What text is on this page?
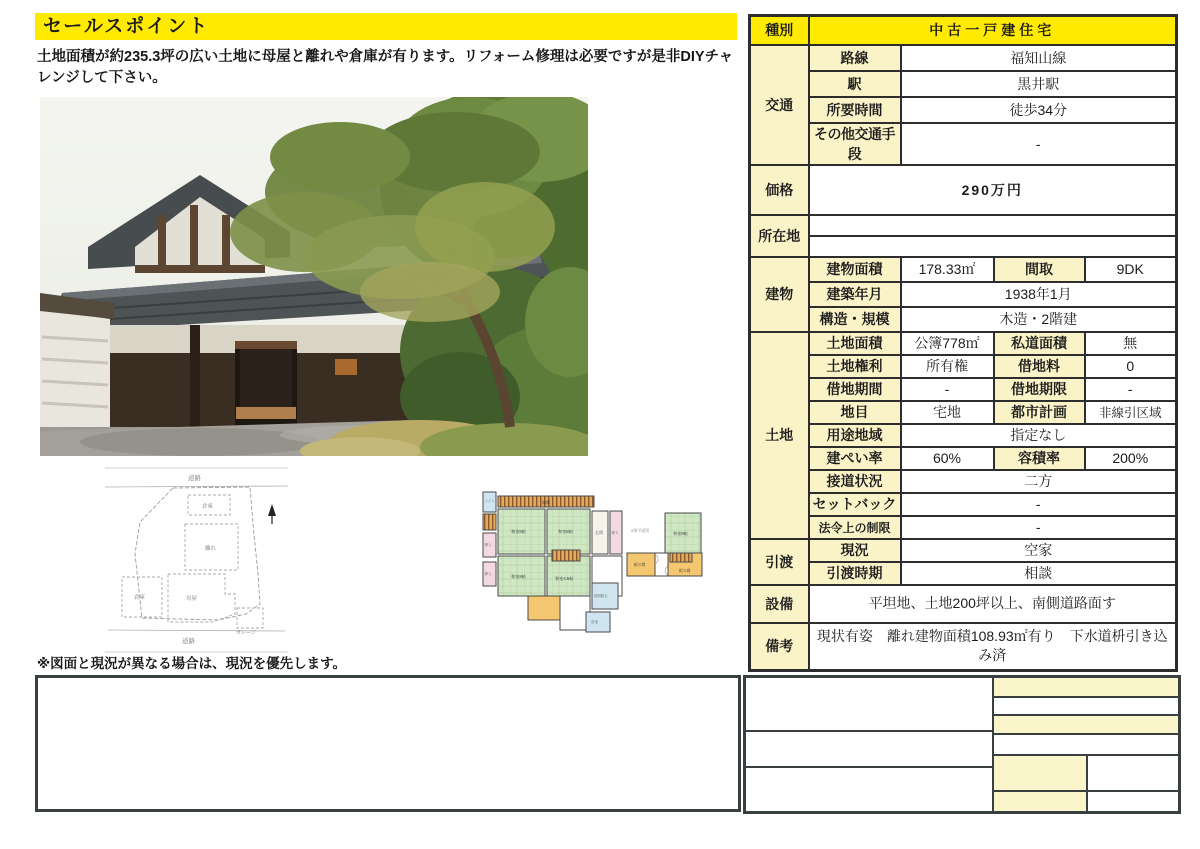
セールスポイント
土地面積が約235.3坪の広い土地に母屋と離れや倉庫が有ります。リフォーム修理は必要ですが是非DIYチャレンジして下さい。
道路
道路
倉庫
離れ
倉庫	母屋
ガレージ
トイレ	縁側
押入
押入
和室8帖	和室8帖	玄関 押入
和室8帖	和室4.5帖
洗面脱衣
浴室
2階平面図
和室8帖
板の間
板の間
※図面と現況が異なる場合は、現況を優先します。
種別	中古一戸建住宅			
交通	路線	福知山線		
	駅	黒井駅		
	所要時間	徒歩34分		
	その他交通手段	-		
価格	290万円			
所在地				

建物	建物面積	178.33㎡	間取	9DK
	建築年月	1938年1月		
	構造・規模	木造・2階建		
土地	土地面積	公簿778㎡	私道面積	無
	土地権利	所有権	借地料	0
	借地期間	-	借地期限	-
	地目	宅地	都市計画	非線引区域
	用途地域	指定なし		
	建ぺい率	60%	容積率	200%
	接道状況	二方		
	セットバック	-		
	法令上の制限	-		
引渡	現況	空家		
	引渡時期	相談		
設備	平坦地、土地200坪以上、南側道路面す			
備考	現状有姿　離れ建物面積108.93㎡有り　下水道枡引き込み済			
